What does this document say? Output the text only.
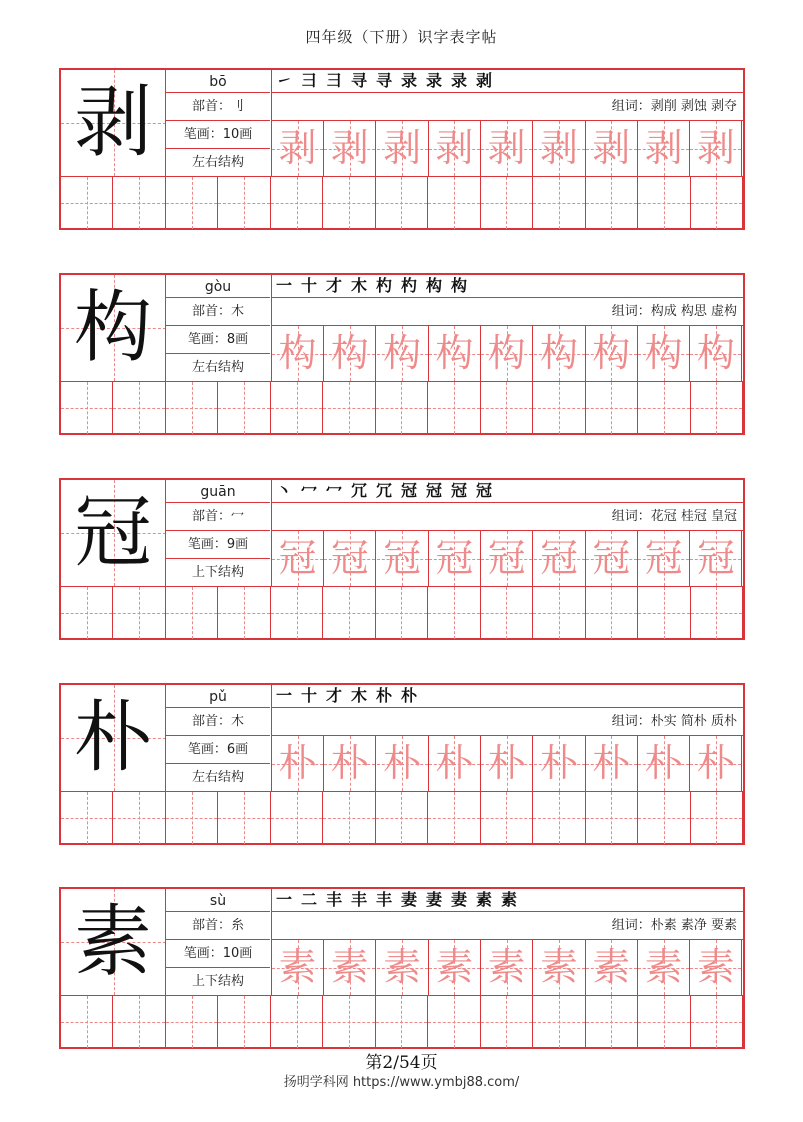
四年级（下册）识字表字帖
剥	bō
部首：刂
笔画：10画
左右结构
㇀ 彐 彐 寻 寻 录 录 录 剥
组词：剥削 剥蚀 剥夺
剥 剥 剥 剥 剥 剥 剥 剥 剥
构	gòu
部首：木
笔画：8画
左右结构
一 十 才 木 杓 杓 构 构
组词：构成 构思 虚构
构 构 构 构 构 构 构 构 构
冠	guān
部首：冖
笔画：9画
上下结构
丶 冖 冖 冗 冗 冠 冠 冠 冠
组词：花冠 桂冠 皇冠
冠 冠 冠 冠 冠 冠 冠 冠 冠
朴	pǔ
部首：木
笔画：6画
左右结构
一 十 才 木 朴 朴
组词：朴实 简朴 质朴
朴 朴 朴 朴 朴 朴 朴 朴 朴
素	sù
部首：糸
笔画：10画
上下结构
一 二 丰 丰 丰 妻 妻 妻 素 素
组词：朴素 素净 要素
素 素 素 素 素 素 素 素 素
第2/54页
扬明学科网 https://www.ymbj88.com/
